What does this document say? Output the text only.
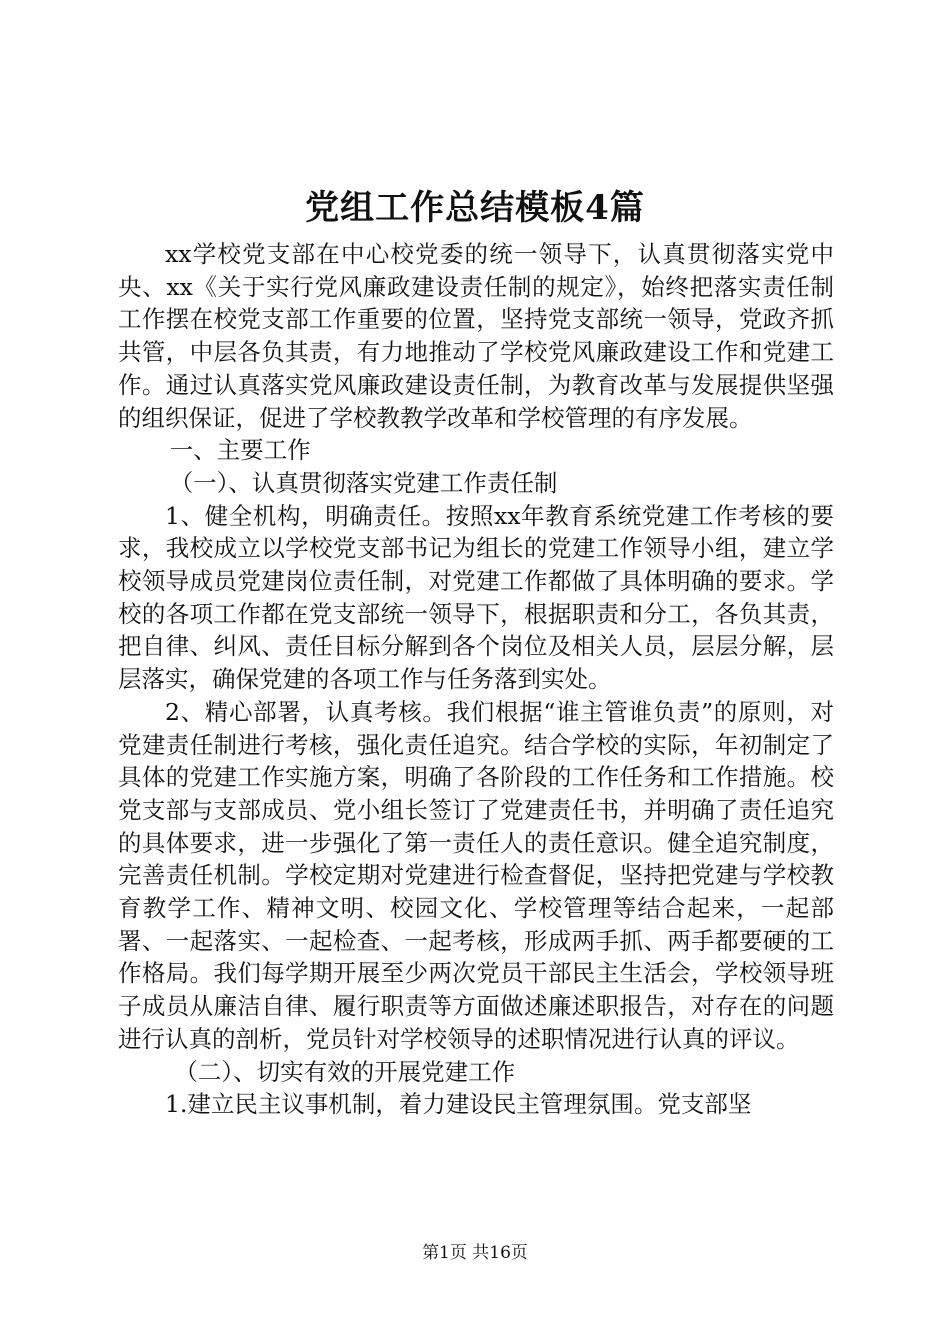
党组工作总结模板4篇

xx学校党支部在中心校党委的统一领导下，认真贯彻落实党中央、xx《关于实行党风廉政建设责任制的规定》，始终把落实责任制工作摆在校党支部工作重要的位置，坚持党支部统一领导，党政齐抓共管，中层各负其责，有力地推动了学校党风廉政建设工作和党建工作。通过认真落实党风廉政建设责任制，为教育改革与发展提供坚强的组织保证，促进了学校教教学改革和学校管理的有序发展。

一、主要工作

（一）、认真贯彻落实党建工作责任制

1、健全机构，明确责任。按照xx年教育系统党建工作考核的要求，我校成立以学校党支部书记为组长的党建工作领导小组，建立学校领导成员党建岗位责任制，对党建工作都做了具体明确的要求。学校的各项工作都在党支部统一领导下，根据职责和分工，各负其责，把自律、纠风、责任目标分解到各个岗位及相关人员，层层分解，层层落实，确保党建的各项工作与任务落到实处。

2、精心部署，认真考核。我们根据“谁主管谁负责”的原则，对党建责任制进行考核，强化责任追究。结合学校的实际，年初制定了具体的党建工作实施方案，明确了各阶段的工作任务和工作措施。校党支部与支部成员、党小组长签订了党建责任书，并明确了责任追究的具体要求，进一步强化了第一责任人的责任意识。健全追究制度，完善责任机制。学校定期对党建进行检查督促，坚持把党建与学校教育教学工作、精神文明、校园文化、学校管理等结合起来，一起部署、一起落实、一起检查、一起考核，形成两手抓、两手都要硬的工作格局。我们每学期开展至少两次党员干部民主生活会，学校领导班子成员从廉洁自律、履行职责等方面做述廉述职报告，对存在的问题进行认真的剖析，党员针对学校领导的述职情况进行认真的评议。

（二）、切实有效的开展党建工作

1.建立民主议事机制，着力建设民主管理氛围。党支部坚

第1页 共16页
